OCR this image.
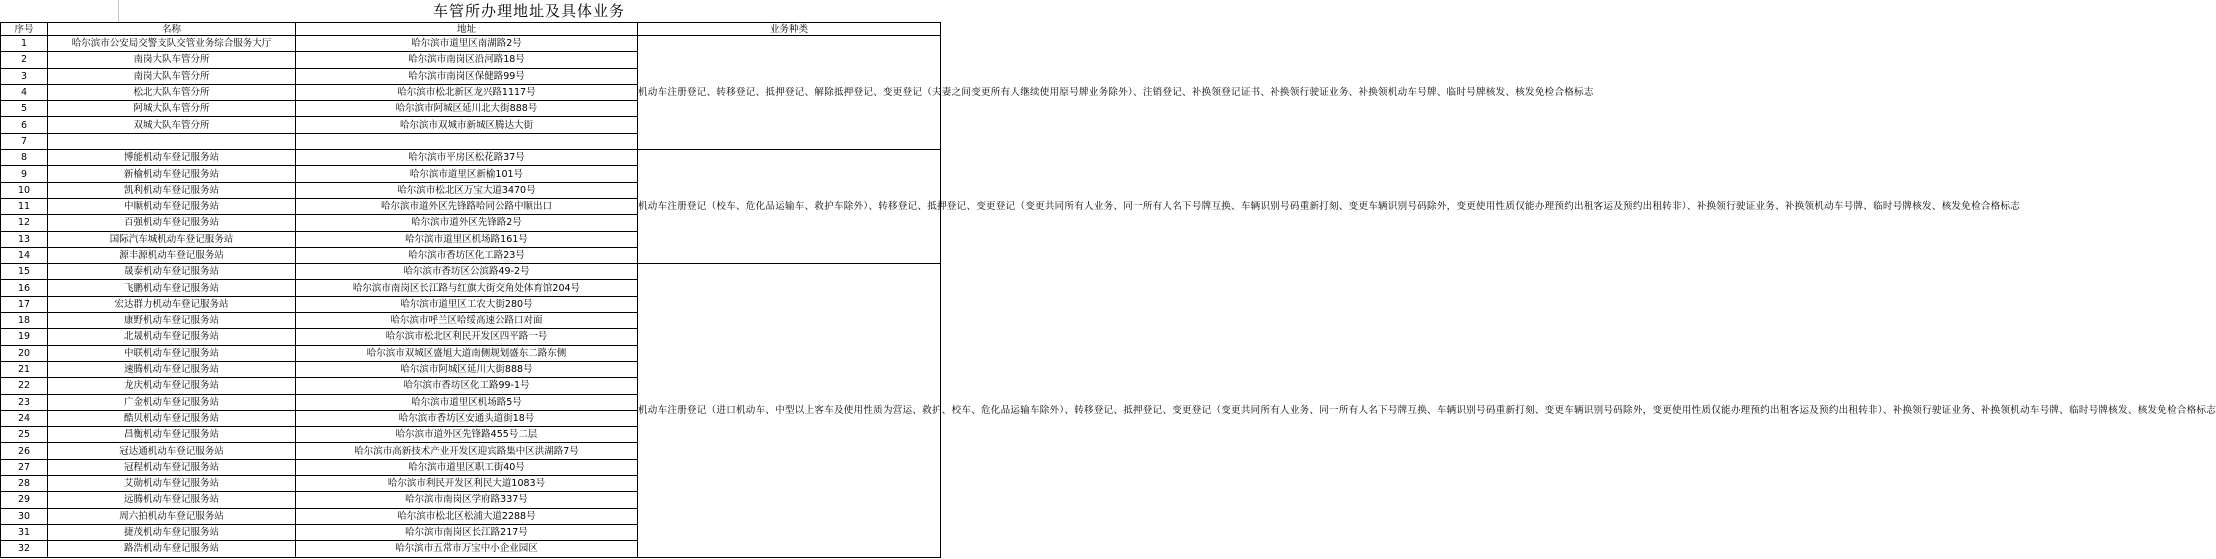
车管所办理地址及具体业务
序号	名称	地址	业务种类
1	哈尔滨市公安局交警支队交管业务综合服务大厅	哈尔滨市道里区南湖路2号	机动车注册登记、转移登记、抵押登记、解除抵押登记、变更登记（夫妻之间变更所有人继续使用原号牌业务除外）、注销登记、补换领登记证书、补换领行驶证业务、补换领机动车号牌、临时号牌核发、核发免检合格标志
2	南岗大队车管分所	哈尔滨市南岗区沿河路18号	
3	南岗大队车管分所	哈尔滨市南岗区保健路99号	
4	松北大队车管分所	哈尔滨市松北新区龙兴路1117号	
5	阿城大队车管分所	哈尔滨市阿城区延川北大街888号	
6	双城大队车管分所	哈尔滨市双城市新城区腾达大街	
7			
8	博能机动车登记服务站	哈尔滨市平房区松花路37号	机动车注册登记（校车、危化品运输车、救护车除外）、转移登记、抵押登记、变更登记（变更共同所有人业务、同一所有人名下号牌互换、车辆识别号码重新打刻、变更车辆识别号码除外，变更使用性质仅能办理预约出租客运及预约出租转非）、补换领行驶证业务、补换领机动车号牌、临时号牌核发、核发免检合格标志
9	新榆机动车登记服务站	哈尔滨市道里区新榆101号	
10	凯利机动车登记服务站	哈尔滨市松北区万宝大道3470号	
11	中顺机动车登记服务站	哈尔滨市道外区先锋路哈同公路中顺出口	
12	百强机动车登记服务站	哈尔滨市道外区先锋路2号	
13	国际汽车城机动车登记服务站	哈尔滨市道里区机场路161号	
14	源丰源机动车登记服务站	哈尔滨市香坊区化工路23号	
15	晟泰机动车登记服务站	哈尔滨市香坊区公滨路49-2号	机动车注册登记（进口机动车、中型以上客车及使用性质为营运、救护、校车、危化品运输车除外）、转移登记、抵押登记、变更登记（变更共同所有人业务、同一所有人名下号牌互换、车辆识别号码重新打刻、变更车辆识别号码除外，变更使用性质仅能办理预约出租客运及预约出租转非）、补换领行驶证业务、补换领机动车号牌、临时号牌核发、核发免检合格标志
16	飞鹏机动车登记服务站	哈尔滨市南岗区长江路与红旗大街交角处体育馆204号	
17	宏达群力机动车登记服务站	哈尔滨市道里区工农大街280号	
18	康野机动车登记服务站	哈尔滨市呼兰区哈绥高速公路口对面	
19	北晟机动车登记服务站	哈尔滨市松北区利民开发区四平路一号	
20	中联机动车登记服务站	哈尔滨市双城区盛旭大道南侧规划盛东二路东侧	
21	速腾机动车登记服务站	哈尔滨市阿城区延川大街888号	
22	龙庆机动车登记服务站	哈尔滨市香坊区化工路99-1号	
23	广金机动车登记服务站	哈尔滨市道里区机场路5号	
24	酷贝机动车登记服务站	哈尔滨市香坊区安通头道街18号	
25	昌衡机动车登记服务站	哈尔滨市道外区先锋路455号二层	
26	冠达通机动车登记服务站	哈尔滨市高新技术产业开发区迎宾路集中区洪湖路7号	
27	冠程机动车登记服务站	哈尔滨市道里区职工街40号	
28	艾勋机动车登记服务站	哈尔滨市利民开发区利民大道1083号	
29	远腾机动车登记服务站	哈尔滨市南岗区学府路337号	
30	周六拍机动车登记服务站	哈尔滨市松北区松浦大道2288号	
31	捷茂机动车登记服务站	哈尔滨市南岗区长江路217号	
32	路浩机动车登记服务站	哈尔滨市五常市万宝中小企业园区	
